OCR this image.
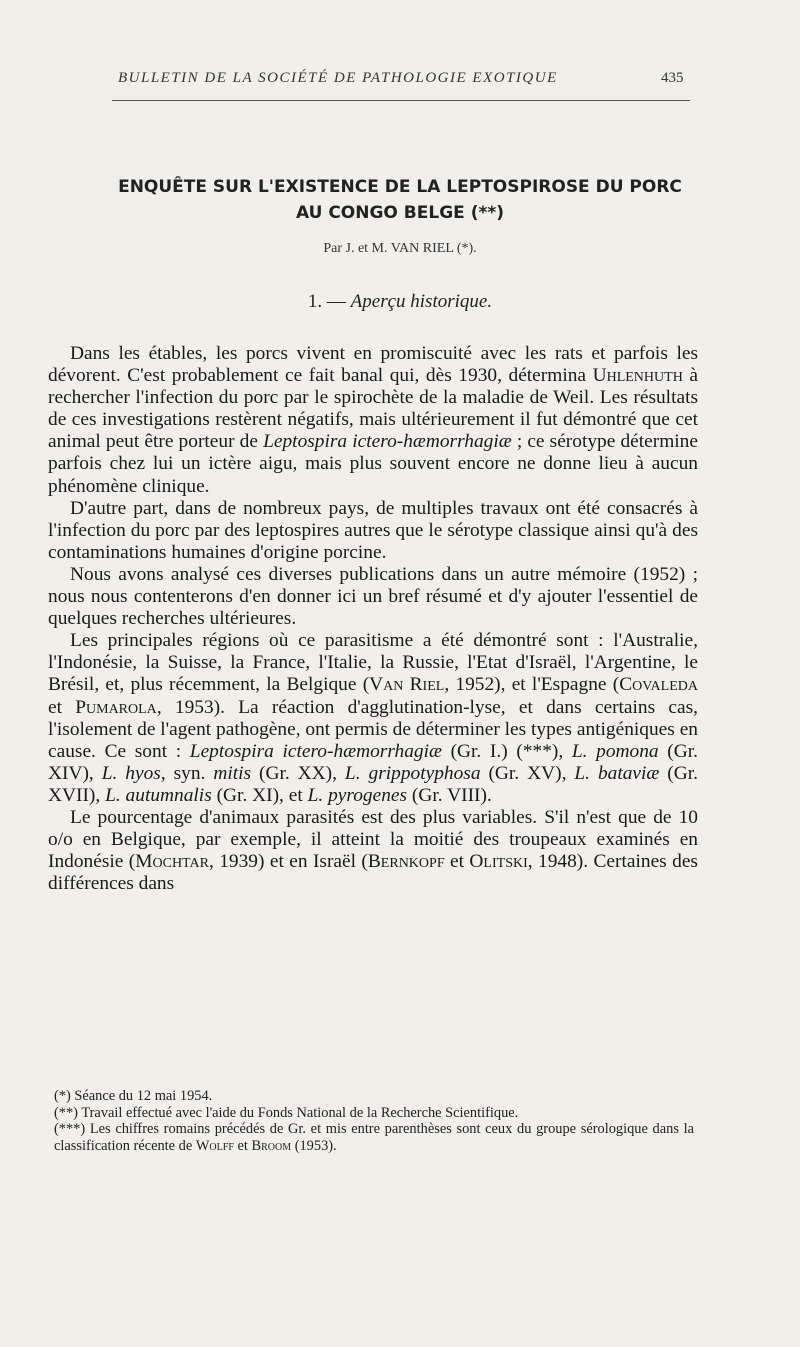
BULLETIN DE LA SOCIÉTÉ DE PATHOLOGIE EXOTIQUE	435
ENQUÊTE SUR L'EXISTENCE DE LA LEPTOSPIROSE DU PORC
AU CONGO BELGE (**)
Par J. et M. VAN RIEL (*).
1. — Aperçu historique.

Dans les étables, les porcs vivent en promiscuité avec les rats et parfois les dévorent. C'est probablement ce fait banal qui, dès 1930, détermina Uhlenhuth à rechercher l'infection du porc par le spirochète de la maladie de Weil. Les résultats de ces investigations restèrent négatifs, mais ultérieurement il fut démontré que cet animal peut être porteur de Leptospira ictero-hæmorrhagiæ ; ce sérotype détermine parfois chez lui un ictère aigu, mais plus souvent encore ne donne lieu à aucun phénomène clinique.

D'autre part, dans de nombreux pays, de multiples travaux ont été consacrés à l'infection du porc par des leptospires autres que le sérotype classique ainsi qu'à des contaminations humaines d'origine porcine.

Nous avons analysé ces diverses publications dans un autre mémoire (1952) ; nous nous contenterons d'en donner ici un bref résumé et d'y ajouter l'essentiel de quelques recherches ultérieures.

Les principales régions où ce parasitisme a été démontré sont : l'Australie, l'Indonésie, la Suisse, la France, l'Italie, la Russie, l'Etat d'Israël, l'Argentine, le Brésil, et, plus récemment, la Belgique (Van Riel, 1952), et l'Espagne (Covaleda et Pumarola, 1953). La réaction d'agglutination-lyse, et dans certains cas, l'isolement de l'agent pathogène, ont permis de déterminer les types antigéniques en cause. Ce sont : Leptospira ictero-hæmorrhagiæ (Gr. I.) (***), L. pomona (Gr. XIV), L. hyos, syn. mitis (Gr. XX), L. grippotyphosa (Gr. XV), L. bataviæ (Gr. XVII), L. autumnalis (Gr. XI), et L. pyrogenes (Gr. VIII).

Le pourcentage d'animaux parasités est des plus variables. S'il n'est que de 10 o/o en Belgique, par exemple, il atteint la moitié des troupeaux examinés en Indonésie (Mochtar, 1939) et en Israël (Bernkopf et Olitski, 1948). Certaines des différences dans

(*) Séance du 12 mai 1954.

(**) Travail effectué avec l'aide du Fonds National de la Recherche Scientifique.

(***) Les chiffres romains précédés de Gr. et mis entre parenthèses sont ceux du groupe sérologique dans la classification récente de Wolff et Broom (1953).
